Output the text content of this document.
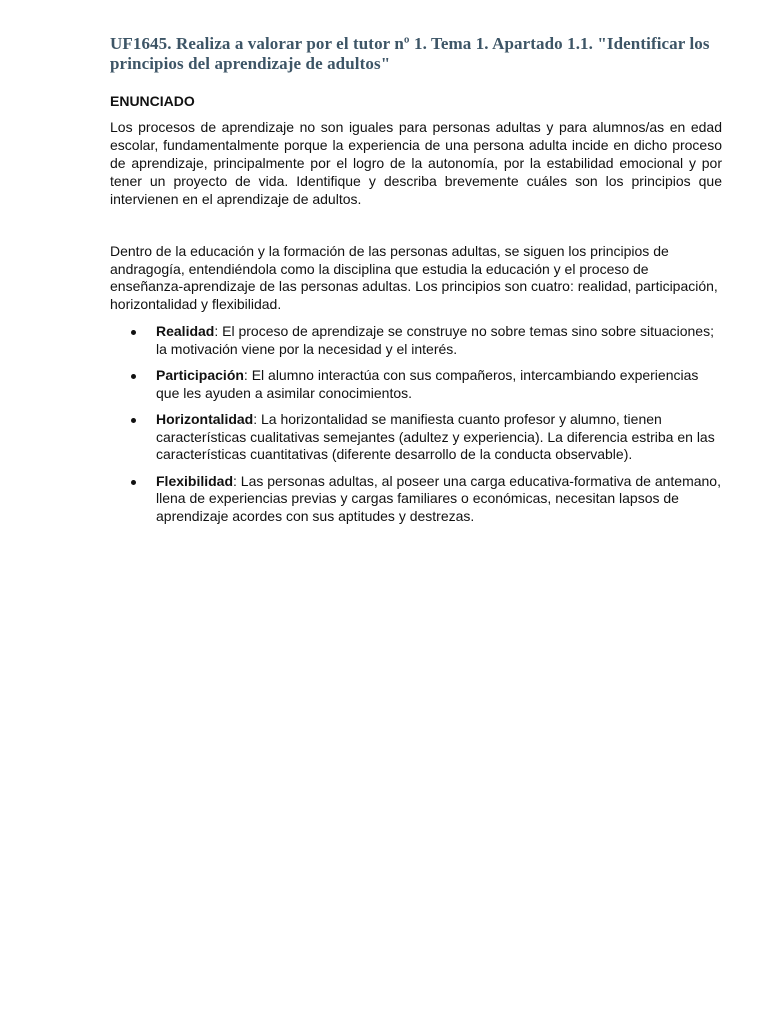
UF1645. Realiza a valorar por el tutor nº 1. Tema 1. Apartado 1.1. "Identificar los principios del aprendizaje de adultos"
ENUNCIADO

Los procesos de aprendizaje no son iguales para personas adultas y para alumnos/as en edad escolar, fundamentalmente porque la experiencia de una persona adulta incide en dicho proceso de aprendizaje, principalmente por el logro de la autonomía, por la estabilidad emocional y por tener un proyecto de vida. Identifique y describa brevemente cuáles son los principios que intervienen en el aprendizaje de adultos.

Dentro de la educación y la formación de las personas adultas, se siguen los principios de andragogía, entendiéndola como la disciplina que estudia la educación y el proceso de enseñanza-aprendizaje de las personas adultas. Los principios son cuatro: realidad, participación, horizontalidad y flexibilidad.

Realidad: El proceso de aprendizaje se construye no sobre temas sino sobre situaciones; la motivación viene por la necesidad y el interés.
Participación: El alumno interactúa con sus compañeros, intercambiando experiencias que les ayuden a asimilar conocimientos.
Horizontalidad: La horizontalidad se manifiesta cuanto profesor y alumno, tienen características cualitativas semejantes (adultez y experiencia). La diferencia estriba en las características cuantitativas (diferente desarrollo de la conducta observable).
Flexibilidad: Las personas adultas, al poseer una carga educativa-formativa de antemano, llena de experiencias previas y cargas familiares o económicas, necesitan lapsos de aprendizaje acordes con sus aptitudes y destrezas.
